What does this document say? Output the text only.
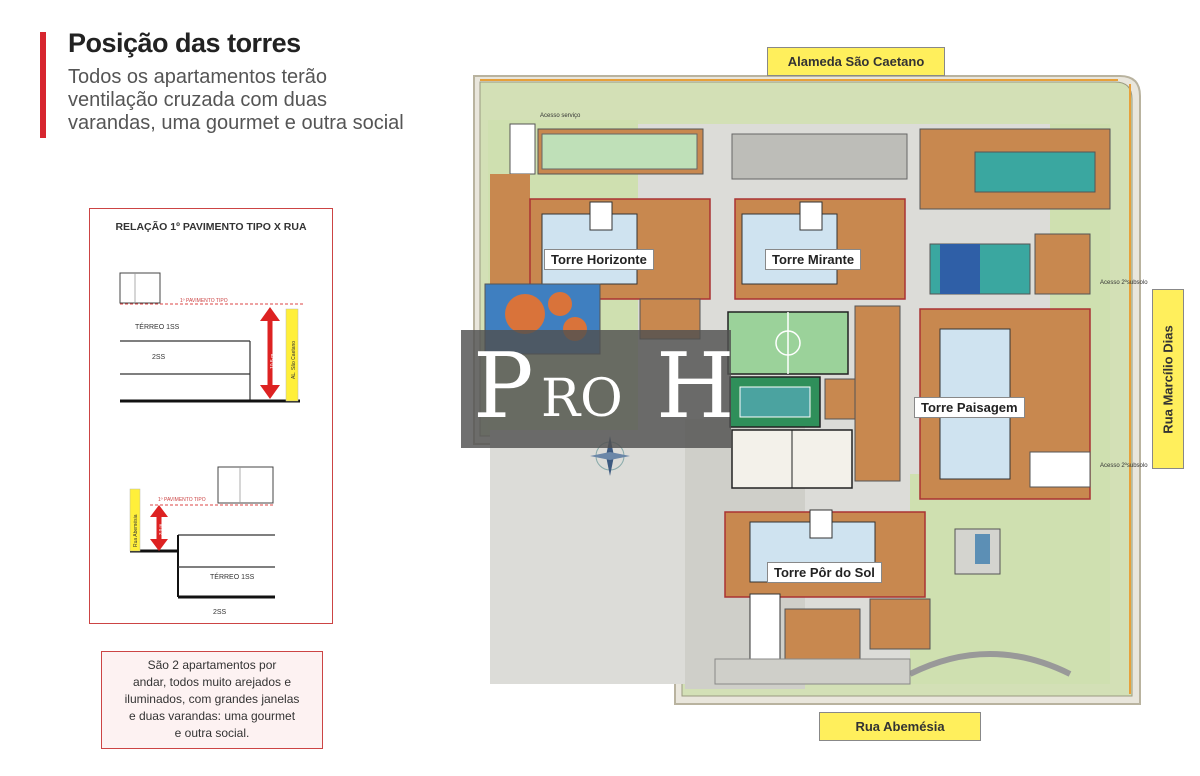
Posição das torres
Todos os apartamentos terão
ventilação cruzada com duas
varandas, uma gourmet e outra social
RELAÇÃO 1º PAVIMENTO TIPO X RUA
1º PAVIMENTO TIPO
TÉRREO 1SS
2SS	AL. São Caetano
10,5 m
1º PAVIMENTO TIPO
TÉRREO 1SS
2SS
Rua Abemésia	3,0 m
São 2 apartamentos por
andar, todos muito arejados e
iluminados, com grandes janelas
e duas varandas: uma gourmet
e outra social.
Acesso serviço
Acesso 2ºsubsolo
Acesso 2ºsubsolo
Alameda São Caetano
Rua Abemésia
Rua Marcílio Dias
Torre Horizonte	Torre Mirante
Torre Paisagem
Torre Pôr do Sol
P RO H
